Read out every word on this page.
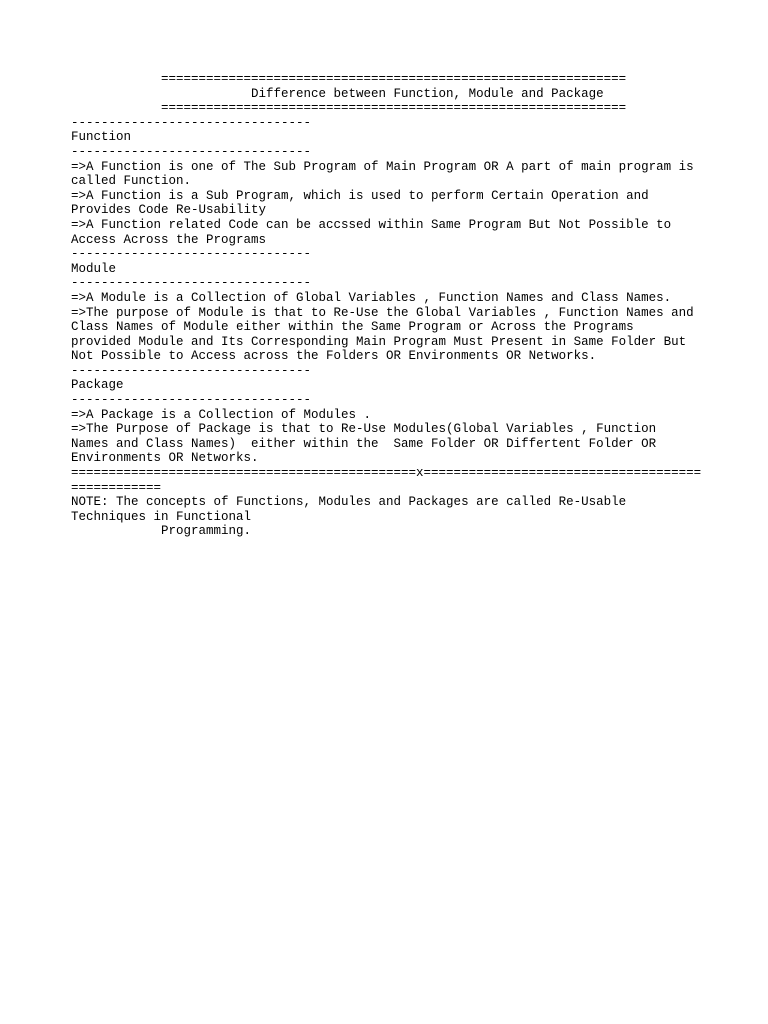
==============================================================
Difference between Function, Module and Package
==============================================================
--------------------------------
Function
--------------------------------
=>A Function is one of The Sub Program of Main Program OR A part of main program is
called Function.
=>A Function is a Sub Program, which is used to perform Certain Operation and
Provides Code Re-Usability
=>A Function related Code can be accssed within Same Program But Not Possible to
Access Across the Programs
--------------------------------
Module
--------------------------------
=>A Module is a Collection of Global Variables , Function Names and Class Names.
=>The purpose of Module is that to Re-Use the Global Variables , Function Names and
Class Names of Module either within the Same Program or Across the Programs
provided Module and Its Corresponding Main Program Must Present in Same Folder But
Not Possible to Access across the Folders OR Environments OR Networks.
--------------------------------
Package
--------------------------------
=>A Package is a Collection of Modules .
=>The Purpose of Package is that to Re-Use Modules(Global Variables , Function
Names and Class Names)  either within the  Same Folder OR Differtent Folder OR
Environments OR Networks.
==============================================x=====================================
============
NOTE: The concepts of Functions, Modules and Packages are called Re-Usable
Techniques in Functional
Programming.
